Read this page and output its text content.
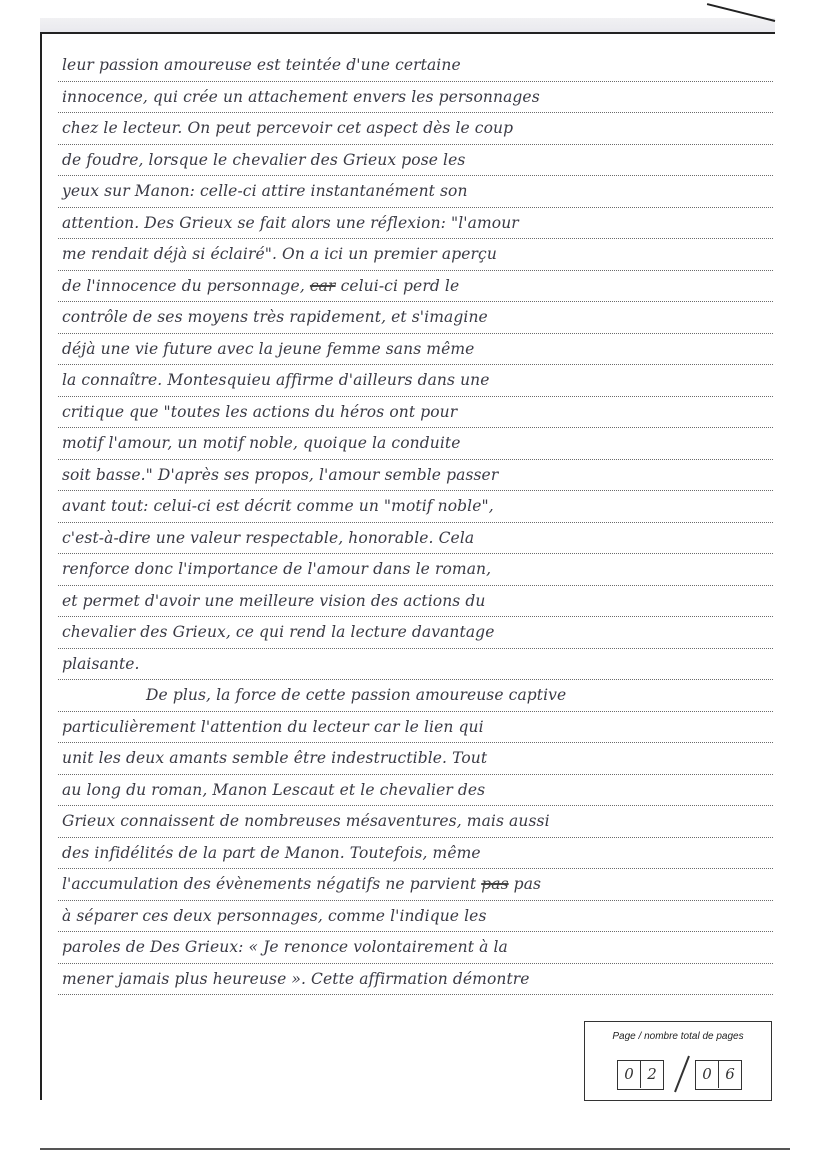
leur passion amoureuse est teintée d'une certaine
innocence, qui crée un attachement envers les personnages
chez le lecteur. On peut percevoir cet aspect dès le coup
de foudre, lorsque le chevalier des Grieux pose les
yeux sur Manon: celle-ci attire instantanément son
attention. Des Grieux se fait alors une réflexion: "l'amour
me rendait déjà si éclairé". On a ici un premier aperçu
de l'innocence du personnage, car celui-ci perd le
contrôle de ses moyens très rapidement, et s'imagine
déjà une vie future avec la jeune femme sans même
la connaître. Montesquieu affirme d'ailleurs dans une
critique que "toutes les actions du héros ont pour
motif l'amour, un motif noble, quoique la conduite
soit basse." D'après ses propos, l'amour semble passer
avant tout: celui-ci est décrit comme un "motif noble",
c'est-à-dire une valeur respectable, honorable. Cela
renforce donc l'importance de l'amour dans le roman,
et permet d'avoir une meilleure vision des actions du
chevalier des Grieux, ce qui rend la lecture davantage
plaisante.
De plus, la force de cette passion amoureuse captive
particulièrement l'attention du lecteur car le lien qui
unit les deux amants semble être indestructible. Tout
au long du roman, Manon Lescaut et le chevalier des
Grieux connaissent de nombreuses mésaventures, mais aussi
des infidélités de la part de Manon. Toutefois, même
l'accumulation des évènements négatifs ne parvient pas pas
à séparer ces deux personnages, comme l'indique les
paroles de Des Grieux: « Je renonce volontairement à la
mener jamais plus heureuse ». Cette affirmation démontre
Page / nombre total de pages
0 2	0 6
